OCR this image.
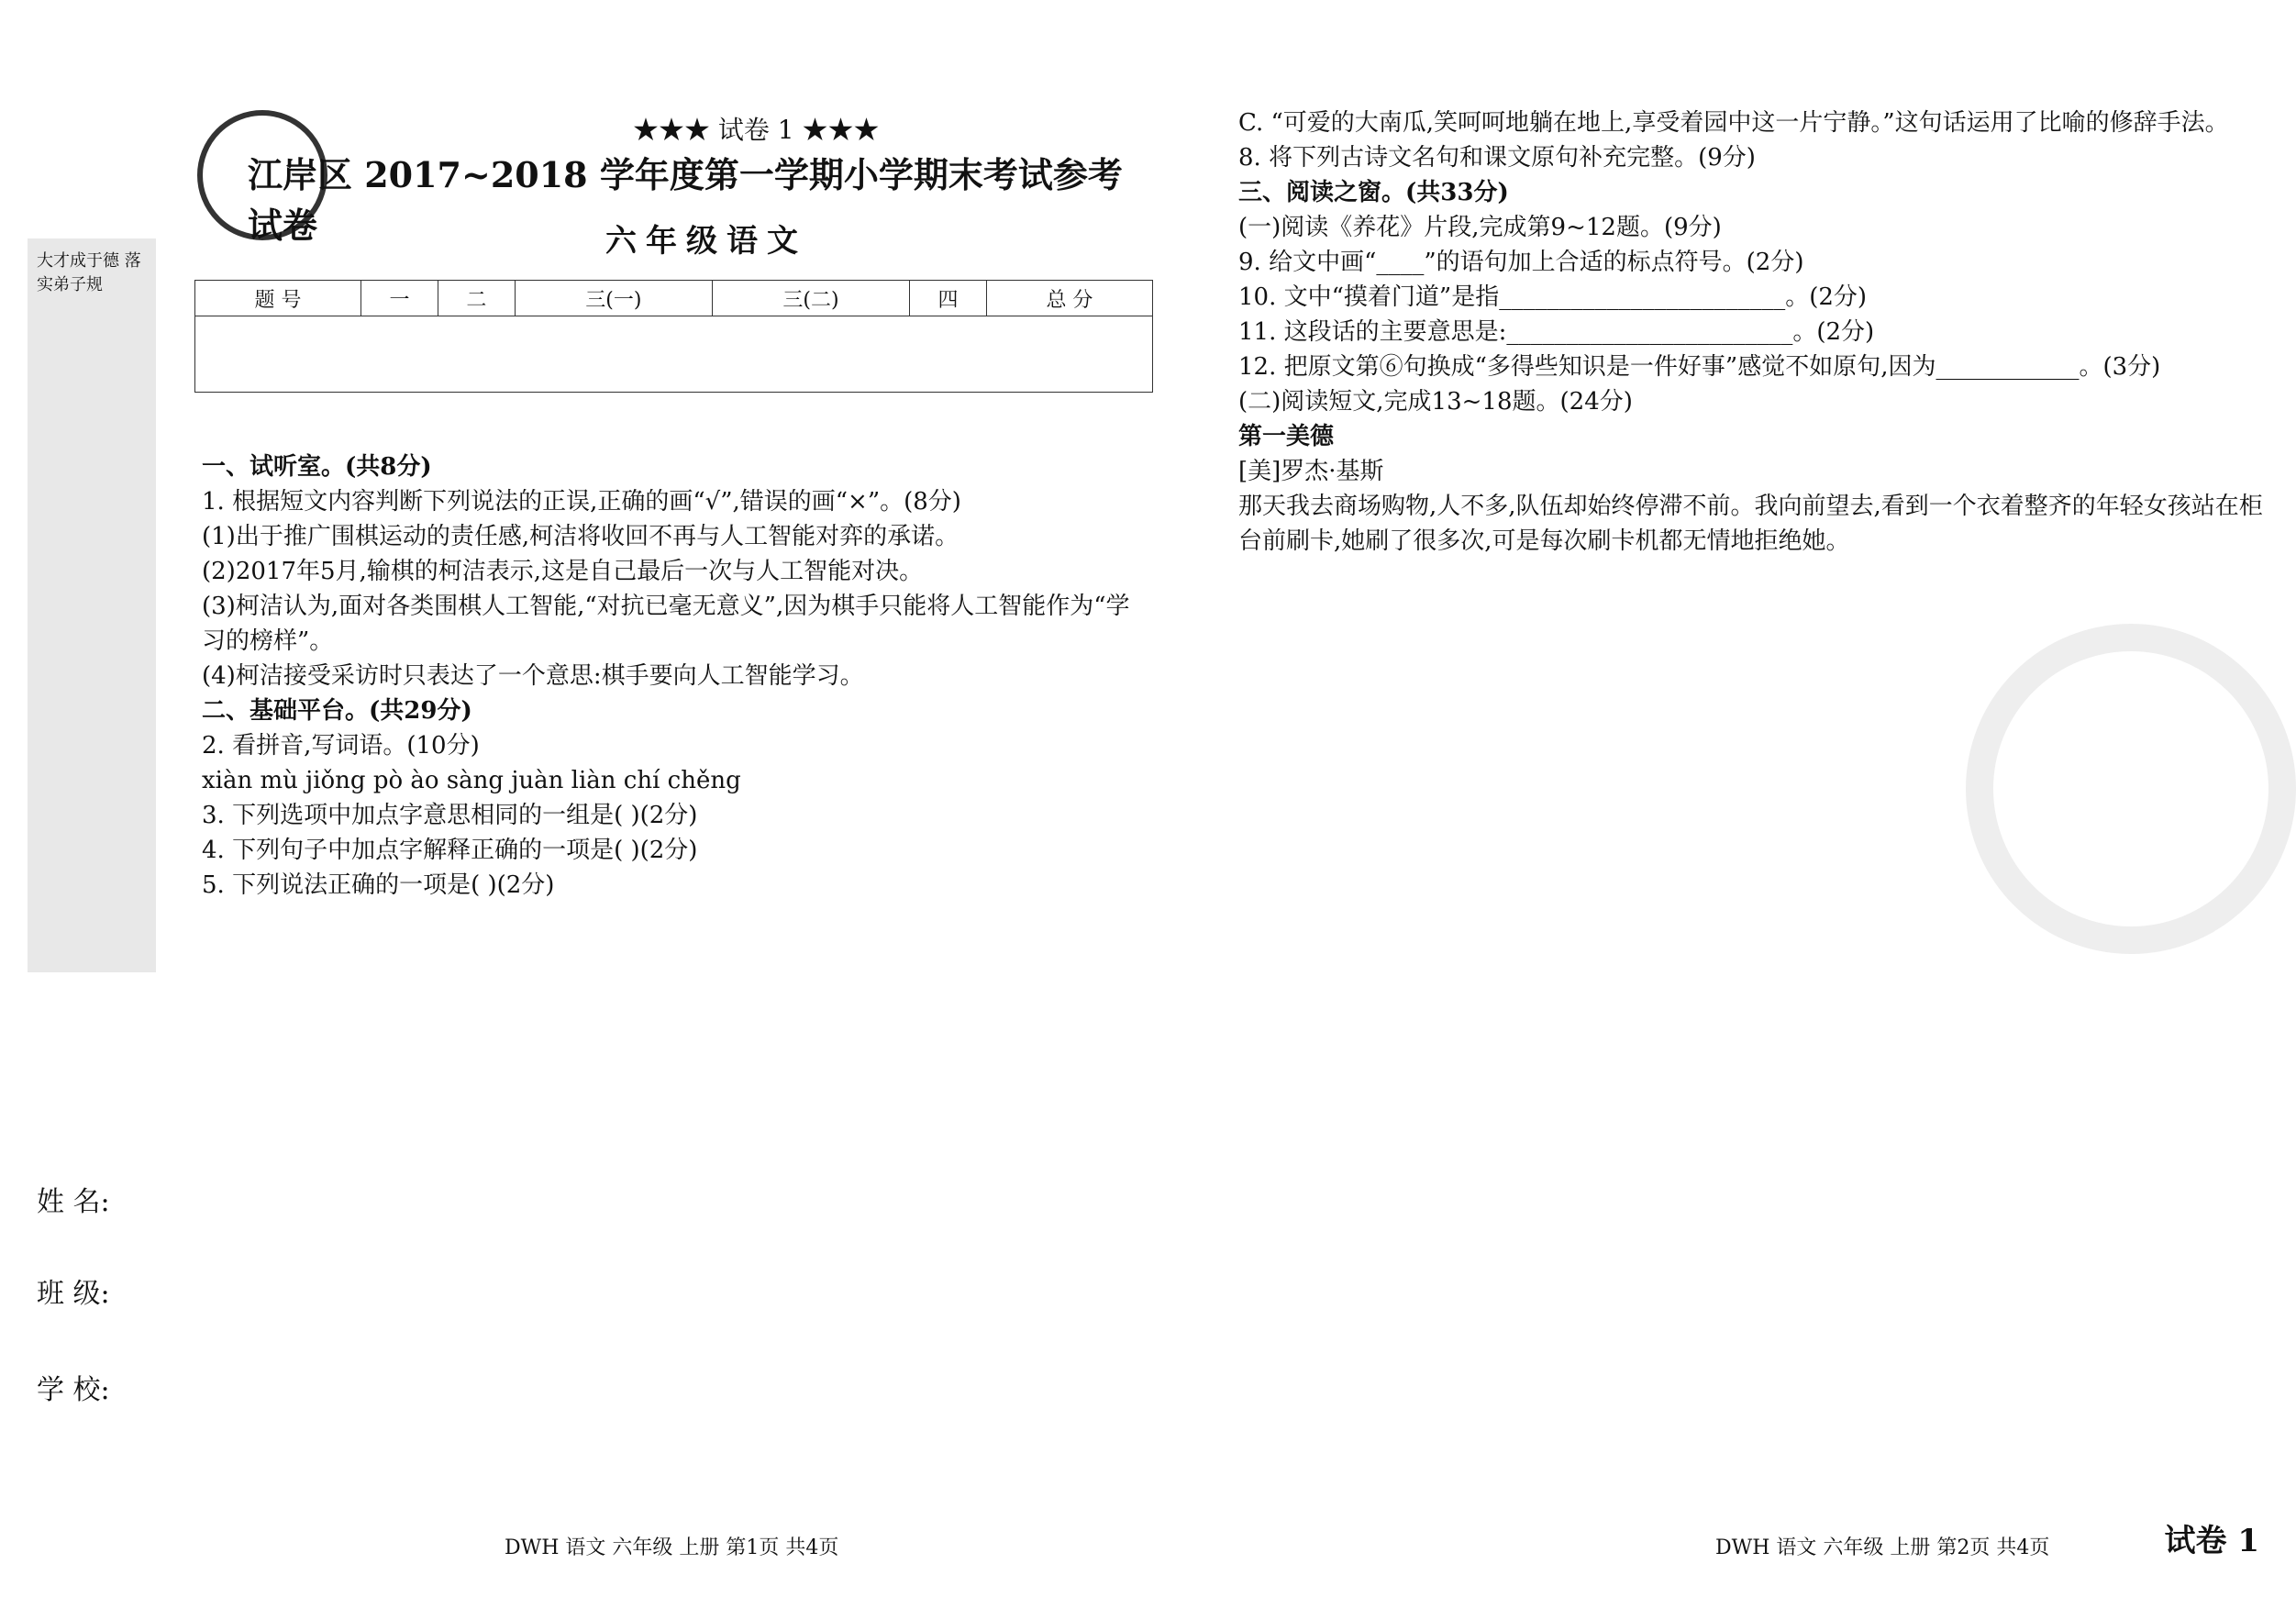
大才成于德 落实弟子规
★★★ 试卷 1 ★★★
江岸区 2017~2018 学年度第一学期小学期末考试参考试卷	六年级语文
题 号	一	二	三(一)	三(二)	四	总 分

一、试听室。(共8分)
1. 根据短文内容判断下列说法的正误,正确的画“√”,错误的画“×”。(8分)
(1)出于推广围棋运动的责任感,柯洁将收回不再与人工智能对弈的承诺。
(2)2017年5月,输棋的柯洁表示,这是自己最后一次与人工智能对决。
(3)柯洁认为,面对各类围棋人工智能,“对抗已毫无意义”,因为棋手只能将人工智能作为“学习的榜样”。
(4)柯洁接受采访时只表达了一个意思:棋手要向人工智能学习。
二、基础平台。(共29分)
2. 看拼音,写词语。(10分)
xiàn mù jiǒng pò ào sàng juàn liàn chí chěng
3. 下列选项中加点字意思相同的一组是( )(2分)
4. 下列句子中加点字解释正确的一项是( )(2分)
5. 下列说法正确的一项是( )(2分)
姓 名:
班 级:
学 校:
DWH 语文 六年级 上册 第1页 共4页
C. “可爱的大南瓜,笑呵呵地躺在地上,享受着园中这一片宁静。”这句话运用了比喻的修辞手法。
8. 将下列古诗文名句和课文原句补充完整。(9分)
三、阅读之窗。(共33分)
(一)阅读《养花》片段,完成第9~12题。(9分)
9. 给文中画“____”的语句加上合适的标点符号。(2分)
10. 文中“摸着门道”是指________________________。(2分)
11. 这段话的主要意思是:________________________。(2分)
12. 把原文第⑥句换成“多得些知识是一件好事”感觉不如原句,因为____________。(3分)
(二)阅读短文,完成13~18题。(24分)
第一美德
[美]罗杰·基斯
那天我去商场购物,人不多,队伍却始终停滞不前。我向前望去,看到一个衣着整齐的年轻女孩站在柜台前刷卡,她刷了很多次,可是每次刷卡机都无情地拒绝她。
DWH 语文 六年级 上册 第2页 共4页	试卷 1
